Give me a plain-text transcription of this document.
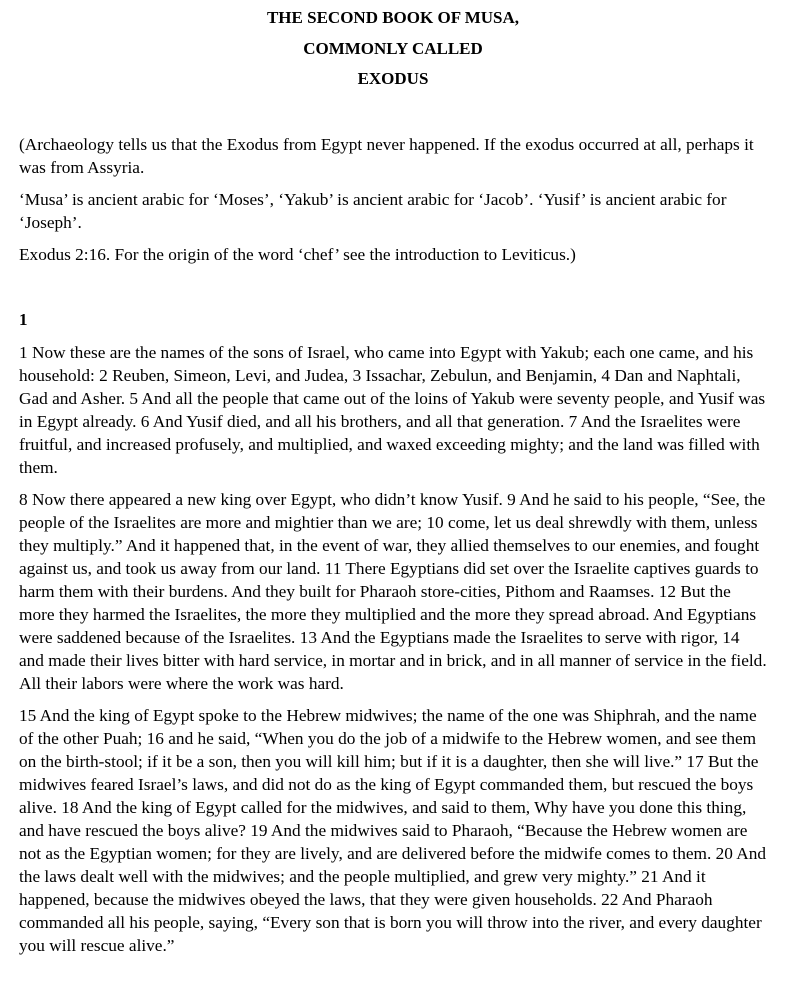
THE SECOND BOOK OF MUSA,
COMMONLY CALLED
EXODUS

(Archaeology tells us that the Exodus from Egypt never happened. If the exodus occurred at all, perhaps it was from Assyria.

‘Musa’ is ancient arabic for ‘Moses’, ‘Yakub’ is ancient arabic for ‘Jacob’. ‘Yusif’ is ancient arabic for ‘Joseph’.

Exodus 2:16. For the origin of the word ‘chef’ see the introduction to Leviticus.)

1

1 Now these are the names of the sons of Israel, who came into Egypt with Yakub; each one came, and his household: 2 Reuben, Simeon, Levi, and Judea, 3 Issachar, Zebulun, and Benjamin, 4 Dan and Naphtali, Gad and Asher. 5 And all the people that came out of the loins of Yakub were seventy people, and Yusif was in Egypt already. 6 And Yusif died, and all his brothers, and all that generation. 7 And the Israelites were fruitful, and increased profusely, and multiplied, and waxed exceeding mighty; and the land was filled with them.

8 Now there appeared a new king over Egypt, who didn’t know Yusif. 9 And he said to his people, “See, the people of the Israelites are more and mightier than we are; 10 come, let us deal shrewdly with them, unless they multiply.” And it happened that, in the event of war, they allied themselves to our enemies, and fought against us, and took us away from our land. 11 There Egyptians did set over the Israelite captives guards to harm them with their burdens. And they built for Pharaoh store-cities, Pithom and Raamses. 12 But the more they harmed the Israelites, the more they multiplied and the more they spread abroad. And Egyptians were saddened because of the Israelites. 13 And the Egyptians made the Israelites to serve with rigor, 14 and made their lives bitter with hard service, in mortar and in brick, and in all manner of service in the field. All their labors were where the work was hard.

15 And the king of Egypt spoke to the Hebrew midwives; the name of the one was Shiphrah, and the name of the other Puah; 16 and he said, “When you do the job of a midwife to the Hebrew women, and see them on the birth-stool; if it be a son, then you will kill him; but if it is a daughter, then she will live.” 17 But the midwives feared Israel’s laws, and did not do as the king of Egypt commanded them, but rescued the boys alive. 18 And the king of Egypt called for the midwives, and said to them, Why have you done this thing, and have rescued the boys alive? 19 And the midwives said to Pharaoh, “Because the Hebrew women are not as the Egyptian women; for they are lively, and are delivered before the midwife comes to them. 20 And the laws dealt well with the midwives; and the people multiplied, and grew very mighty.” 21 And it happened, because the midwives obeyed the laws, that they were given households. 22 And Pharaoh commanded all his people, saying, “Every son that is born you will throw into the river, and every daughter you will rescue alive.”
